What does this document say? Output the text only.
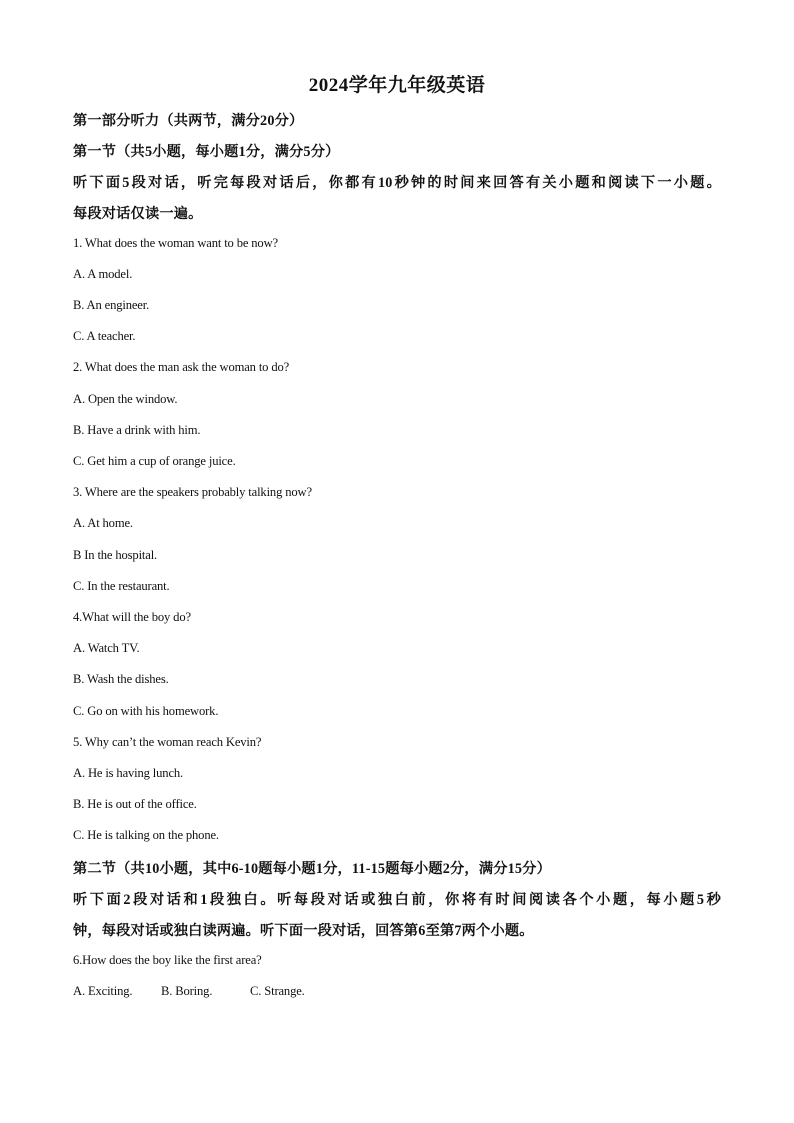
2024学年九年级英语
第一部分听力（共两节，满分20分）
第一节（共5小题，每小题1分，满分5分）
听下面5段对话，听完每段对话后，你都有10秒钟的时间来回答有关小题和阅读下一小题。
每段对话仅读一遍。
1. What does the woman want to be now?
A. A model.
B. An engineer.
C. A teacher.
2. What does the man ask the woman to do?
A. Open the window.
B. Have a drink with him.
C. Get him a cup of orange juice.
3. Where are the speakers probably talking now?
A. At home.
B In the hospital.
C. In the restaurant.
4.What will the boy do?
A. Watch TV.
B. Wash the dishes.
C. Go on with his homework.
5. Why can’t the woman reach Kevin?
A. He is having lunch.
B. He is out of the office.
C. He is talking on the phone.
第二节（共10小题，其中6-10题每小题1分，11-15题每小题2分，满分15分）
听下面2段对话和1段独白。听每段对话或独白前，你将有时间阅读各个小题，每小题5秒
钟，每段对话或独白读两遍。听下面一段对话，回答第6至第7两个小题。
6.How does the boy like the first area?
A. Exciting. B. Boring.	C. Strange.
